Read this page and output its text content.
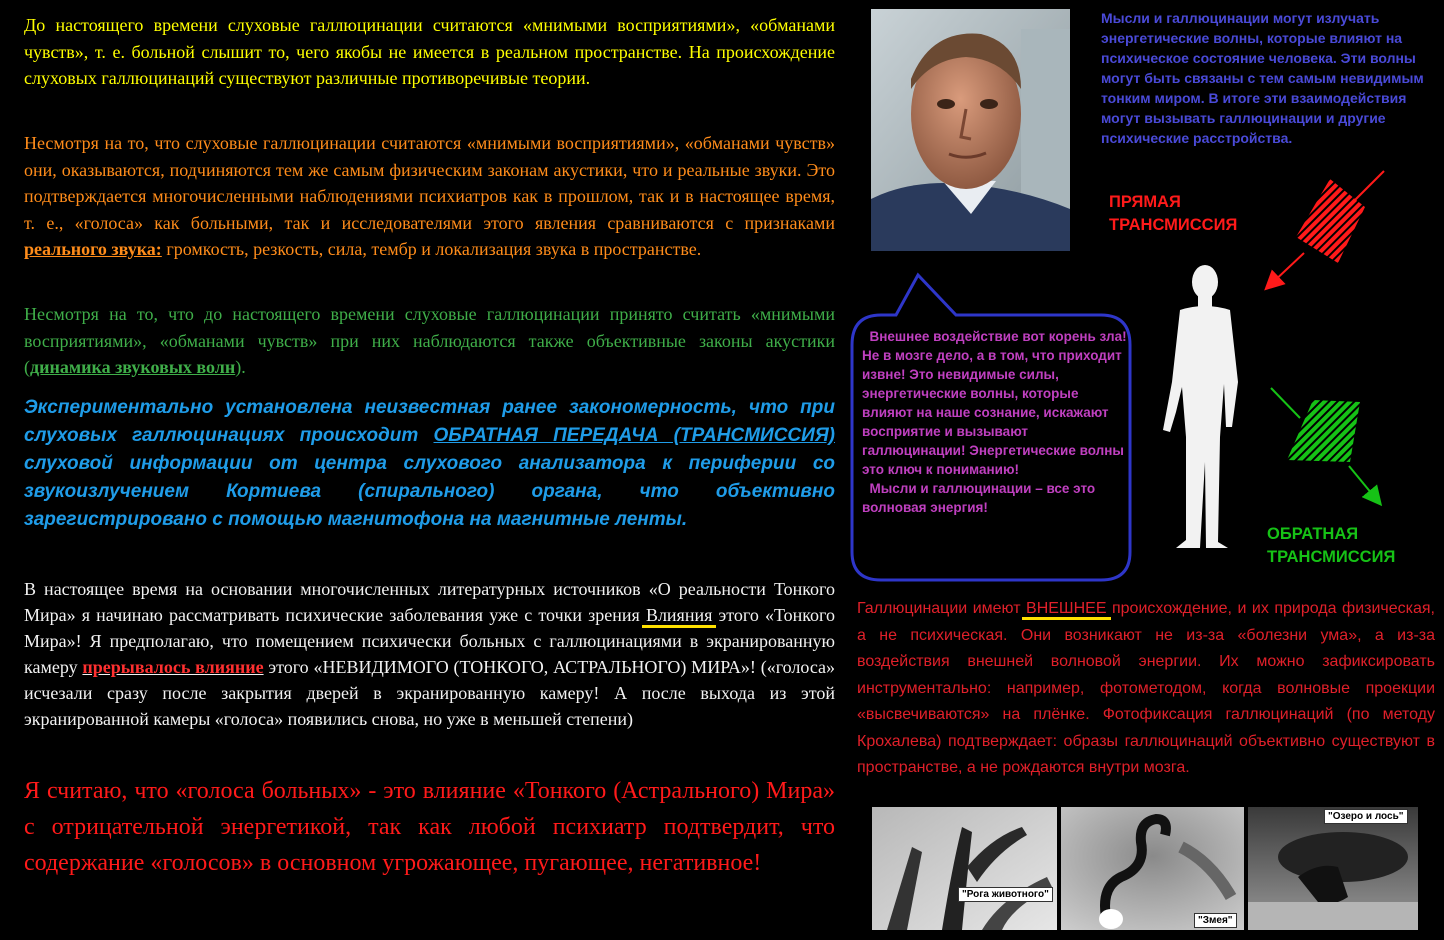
До настоящего времени слуховые галлюцинации считаются «мнимыми восприятиями», «обманами чувств», т. е. больной слышит то, чего якобы не имеется в реальном пространстве. На происхождение слуховых галлюцинаций существуют различные противоречивые теории.

Несмотря на то, что слуховые галлюцинации считаются «мнимыми восприятиями», «обманами чувств» они, оказываются, подчиняются тем же самым физическим законам акустики, что и реальные звуки. Это подтверждается многочисленными наблюдениями психиатров как в прошлом, так и в настоящее время, т. е., «голоса» как больными, так и исследователями этого явления сравниваются с признаками реального звука: громкость, резкость, сила, тембр и локализация звука в пространстве.

Несмотря на то, что до настоящего времени слуховые галлюцинации принято считать «мнимыми восприятиями», «обманами чувств» при них наблюдаются также объективные законы акустики (динамика звуковых волн).

Экспериментально установлена неизвестная ранее закономерность, что при слуховых галлюцинациях происходит ОБРАТНАЯ ПЕРЕДАЧА (ТРАНСМИССИЯ) слуховой информации от центра слухового анализатора к периферии со звукоизлучением Кортиева (спирального) органа, что объективно зарегистрировано с помощью магнитофона на магнитные ленты.

В настоящее время на основании многочисленных литературных источников «О реальности Тонкого Мира» я начинаю рассматривать психические заболевания уже с точки зрения Влияния
этого «Тонкого Мира»! Я предполагаю, что помещением психически больных с галлюцинациями в экранированную камеру прерывалось влияние этого «НЕВИДИМОГО (ТОНКОГО, АСТРАЛЬНОГО) МИРА»! («голоса» исчезали сразу после закрытия дверей в экранированную камеру! А после выхода из этой экранированной камеры «голоса» появились снова, но уже в меньшей степени)

Я считаю, что «голоса больных» - это влияние «Тонкого (Астрального) Мира» с отрицательной энергетикой, так как любой психиатр подтвердит, что содержание «голосов» в основном угрожающее, пугающее, негативное!

Мысли и галлюцинации могут излучать энергетические волны, которые влияют на психическое состояние человека. Эти волны могут быть связаны с тем самым невидимым тонким миром. В итоге эти взаимодействия могут вызывать галлюцинации и другие психические расстройства.
ПРЯМАЯ ТРАНСМИССИЯ
Внешнее воздействие вот корень зла!
Не в мозге дело, а в том, что приходит извне! Это невидимые силы, энергетические волны, которые влияют на наше сознание, искажают восприятие и вызывают галлюцинации! Энергетические волны это ключ к пониманию!
Мысли и галлюцинации – все это волновая энергия!
ОБРАТНАЯ ТРАНСМИССИЯ

Галлюцинации имеют ВНЕШНЕЕ
происхождение, и их природа физическая, а не психическая. Они возникают не из-за «болезни ума», а из-за воздействия внешней волновой энергии. Их можно зафиксировать инструментально: например, фотометодом, когда волновые проекции «высвечиваются» на плёнке. Фотофиксация галлюцинаций (по методу Крохалева) подтверждает: образы галлюцинаций объективно существуют в пространстве, а не рождаются внутри мозга.

"Рога животного"
"Змея"
"Озеро и лось"
